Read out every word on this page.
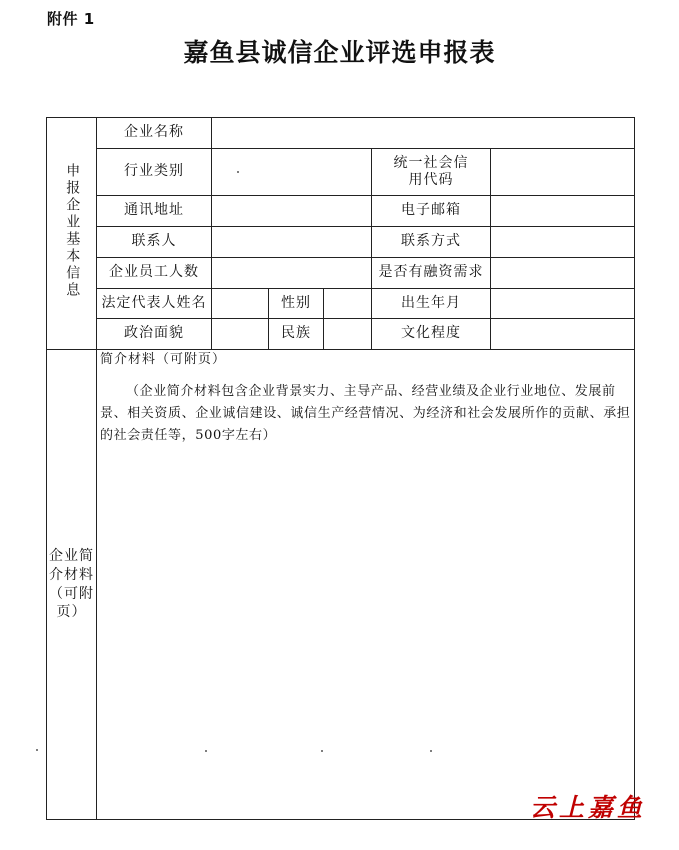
附件 1
嘉鱼县诚信企业评选申报表
申报企业基本信息	企业名称					
	行业类别				统一社会信用代码	
	通讯地址				电子邮箱	
	联系人				联系方式	
	企业员工人数				是否有融资需求	
	法定代表人姓名		性别		出生年月	
	政治面貌		民族		文化程度	

企业简介材料（可附页）	简介材料（可附页）
（企业简介材料包含企业背景实力、主导产品、经营业绩及企业行业地位、发展前景、相关资质、企业诚信建设、诚信生产经营情况、为经济和社会发展所作的贡献、承担的社会责任等，500字左右）					
云上嘉鱼
